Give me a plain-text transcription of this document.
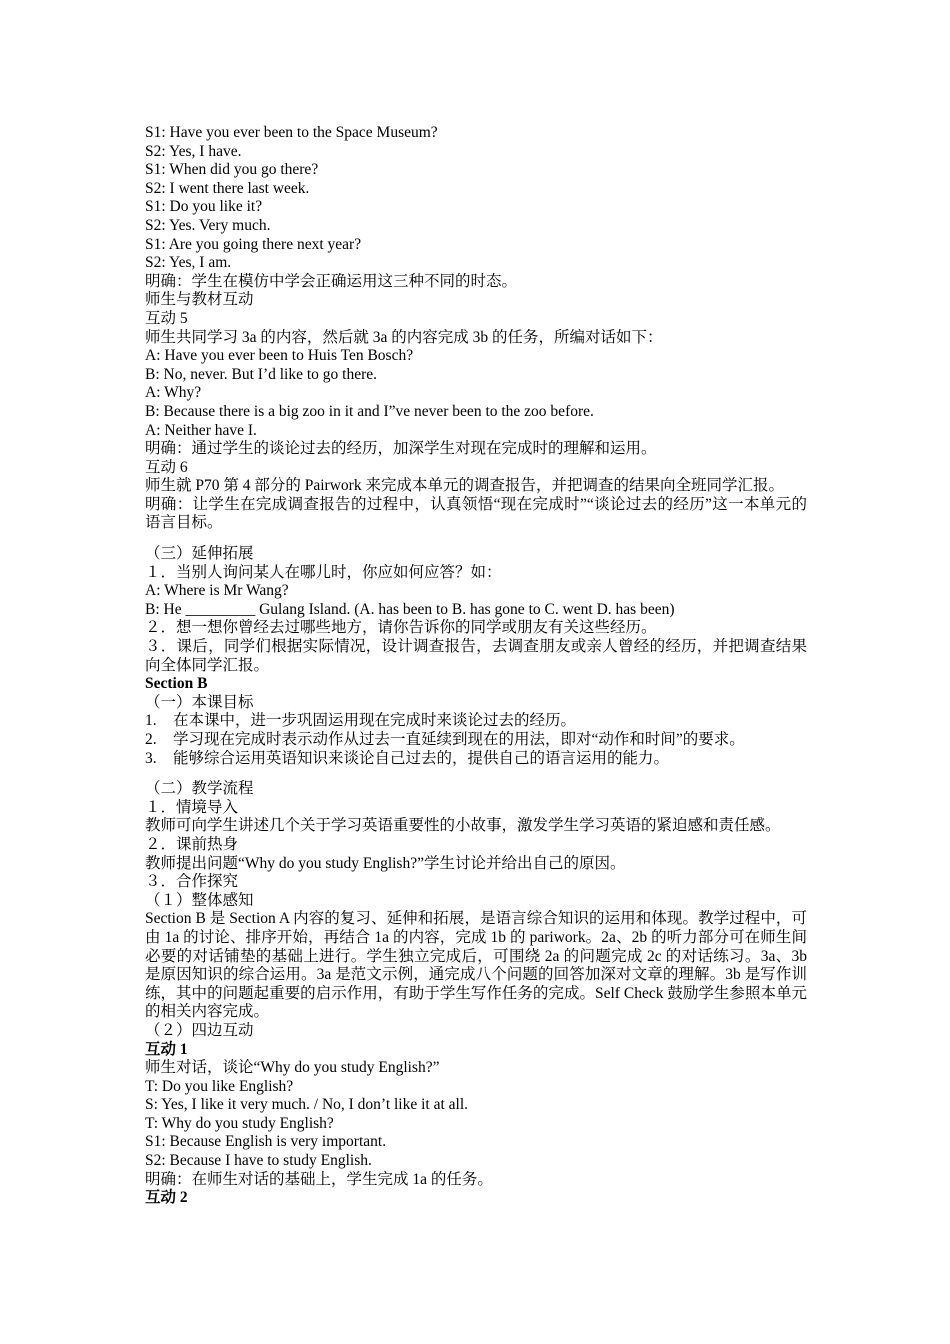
S1: Have you ever been to the Space Museum?

S2: Yes, I have.

S1: When did you go there?

S2: I went there last week.

S1: Do you like it?

S2: Yes. Very much.

S1: Are you going there next year?

S2: Yes, I am.

明确：学生在模仿中学会正确运用这三种不同的时态。

师生与教材互动

互动 5

师生共同学习 3a 的内容，然后就 3a 的内容完成 3b 的任务，所编对话如下：

A: Have you ever been to Huis Ten Bosch?

B: No, never. But I’d like to go there.

A: Why?

B: Because there is a big zoo in it and I”ve never been to the zoo before.

A: Neither have I.

明确：通过学生的谈论过去的经历，加深学生对现在完成时的理解和运用。

互动 6

师生就 P70 第 4 部分的 Pairwork 来完成本单元的调查报告，并把调查的结果向全班同学汇报。

明确：让学生在完成调查报告的过程中，认真领悟“现在完成时”“谈论过去的经历”这一本单元的语言目标。

（三）延伸拓展

１．当别人询问某人在哪儿时，你应如何应答？如：

A: Where is Mr Wang?

B: He _________ Gulang Island. (A. has been to B. has gone to C. went D. has been)

２．想一想你曾经去过哪些地方，请你告诉你的同学或朋友有关这些经历。

３．课后，同学们根据实际情况，设计调查报告，去调查朋友或亲人曾经的经历，并把调查结果向全体同学汇报。

Section B

（一）本课目标

1.	在本课中，进一步巩固运用现在完成时来谈论过去的经历。
2.	学习现在完成时表示动作从过去一直延续到现在的用法，即对“动作和时间”的要求。
3.	能够综合运用英语知识来谈论自己过去的，提供自己的语言运用的能力。

（二）教学流程

１．情境导入

教师可向学生讲述几个关于学习英语重要性的小故事，激发学生学习英语的紧迫感和责任感。

２．课前热身

教师提出问题“Why do you study English?”学生讨论并给出自己的原因。

３．合作探究

（１）整体感知

Section B 是 Section A 内容的复习、延伸和拓展，是语言综合知识的运用和体现。教学过程中，可由 1a 的讨论、排序开始，再结合 1a 的内容，完成 1b 的 pariwork。2a、2b 的听力部分可在师生间必要的对话铺垫的基础上进行。学生独立完成后，可围绕 2a 的问题完成 2c 的对话练习。3a、3b 是原因知识的综合运用。3a 是范文示例，通完成八个问题的回答加深对文章的理解。3b 是写作训练，其中的问题起重要的启示作用，有助于学生写作任务的完成。Self Check 鼓励学生参照本单元的相关内容完成。

（２）四边互动

互动 1

师生对话，谈论“Why do you study English?”

T: Do you like English?

S: Yes, I like it very much. / No, I don’t like it at all.

T: Why do you study English?

S1: Because English is very important.

S2: Because I have to study English.

明确：在师生对话的基础上，学生完成 1a 的任务。

互动 2
